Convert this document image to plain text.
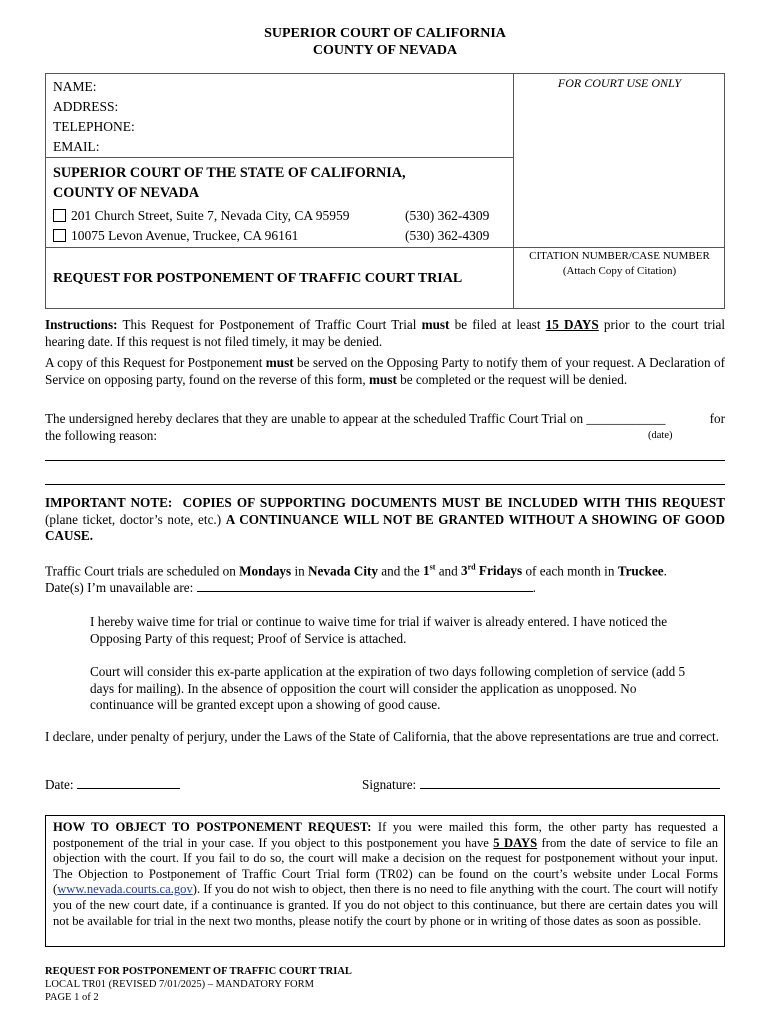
SUPERIOR COURT OF CALIFORNIA
COUNTY OF NEVADA
NAME:
ADDRESS:
TELEPHONE:
EMAIL:
FOR COURT USE ONLY
SUPERIOR COURT OF THE STATE OF CALIFORNIA,
COUNTY OF NEVADA
201 Church Street, Suite 7, Nevada City, CA 95959	(530) 362-4309
10075 Levon Avenue, Truckee, CA 96161	(530) 362-4309
REQUEST FOR POSTPONEMENT OF TRAFFIC COURT TRIAL
CITATION NUMBER/CASE NUMBER
(Attach Copy of Citation)
Instructions: This Request for Postponement of Traffic Court Trial must be filed at least 15 DAYS prior to the court trial hearing date. If this request is not filed timely, it may be denied.
A copy of this Request for Postponement must be served on the Opposing Party to notify them of your request. A Declaration of Service on opposing party, found on the reverse of this form, must be completed or the request will be denied.
The undersigned hereby declares that they are unable to appear at the scheduled Traffic Court Trial on ____________	for
the following reason:	(date)
IMPORTANT NOTE: COPIES OF SUPPORTING DOCUMENTS MUST BE INCLUDED WITH THIS REQUEST (plane ticket, doctor’s note, etc.) A CONTINUANCE WILL NOT BE GRANTED WITHOUT A SHOWING OF GOOD CAUSE.
Traffic Court trials are scheduled on Mondays in Nevada City and the 1st and 3rd Fridays of each month in Truckee.
Date(s) I’m unavailable are:	.
I hereby waive time for trial or continue to waive time for trial if waiver is already entered. I have noticed the Opposing Party of this request; Proof of Service is attached.
Court will consider this ex-parte application at the expiration of two days following completion of service (add 5 days for mailing). In the absence of opposition the court will consider the application as unopposed. No continuance will be granted except upon a showing of good cause.
I declare, under penalty of perjury, under the Laws of the State of California, that the above representations are true and correct.
Date:	Signature:
HOW TO OBJECT TO POSTPONEMENT REQUEST: If you were mailed this form, the other party has requested a postponement of the trial in your case. If you object to this postponement you have 5 DAYS from the date of service to file an objection with the court. If you fail to do so, the court will make a decision on the request for postponement without your input. The Objection to Postponement of Traffic Court Trial form (TR02) can be found on the court’s website under Local Forms (www.nevada.courts.ca.gov). If you do not wish to object, then there is no need to file anything with the court. The court will notify you of the new court date, if a continuance is granted. If you do not object to this continuance, but there are certain dates you will not be available for trial in the next two months, please notify the court by phone or in writing of those dates as soon as possible.
REQUEST FOR POSTPONEMENT OF TRAFFIC COURT TRIAL
LOCAL TR01 (REVISED 7/01/2025) – MANDATORY FORM
PAGE 1 of 2
